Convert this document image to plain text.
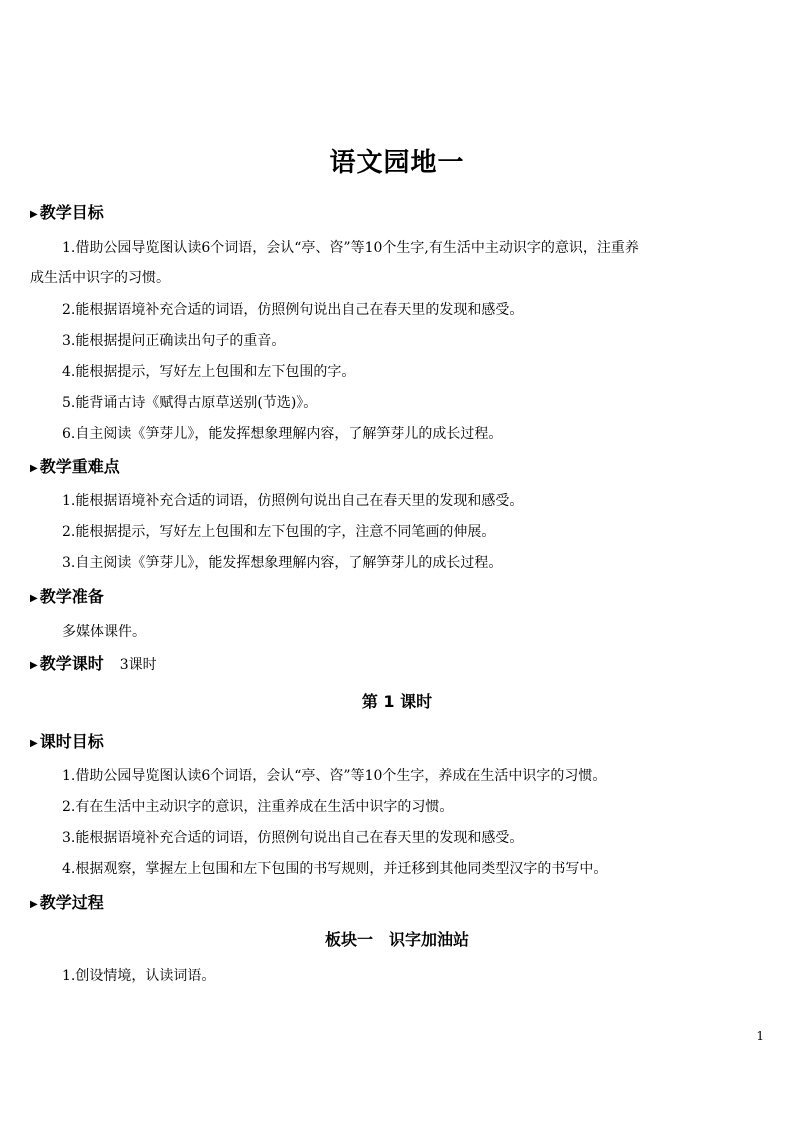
语文园地一
▶ 教学目标
1.借助公园导览图认读6个词语，会认“亭、咨”等10个生字,有生活中主动识字的意识，注重养
成生活中识字的习惯。
2.能根据语境补充合适的词语，仿照例句说出自己在春天里的发现和感受。
3.能根据提问正确读出句子的重音。
4.能根据提示，写好左上包围和左下包围的字。
5.能背诵古诗《赋得古原草送别(节选)》。
6.自主阅读《笋芽儿》，能发挥想象理解内容，了解笋芽儿的成长过程。
▶ 教学重难点
1.能根据语境补充合适的词语，仿照例句说出自己在春天里的发现和感受。
2.能根据提示，写好左上包围和左下包围的字，注意不同笔画的伸展。
3.自主阅读《笋芽儿》，能发挥想象理解内容，了解笋芽儿的成长过程。
▶ 教学准备
多媒体课件。
▶ 教学课时 3课时
第 1 课时
▶ 课时目标
1.借助公园导览图认读6个词语，会认“亭、咨”等10个生字，养成在生活中识字的习惯。
2.有在生活中主动识字的意识，注重养成在生活中识字的习惯。
3.能根据语境补充合适的词语，仿照例句说出自己在春天里的发现和感受。
4.根据观察，掌握左上包围和左下包围的书写规则，并迁移到其他同类型汉字的书写中。
▶ 教学过程
板块一　识字加油站
1.创设情境，认读词语。
1
